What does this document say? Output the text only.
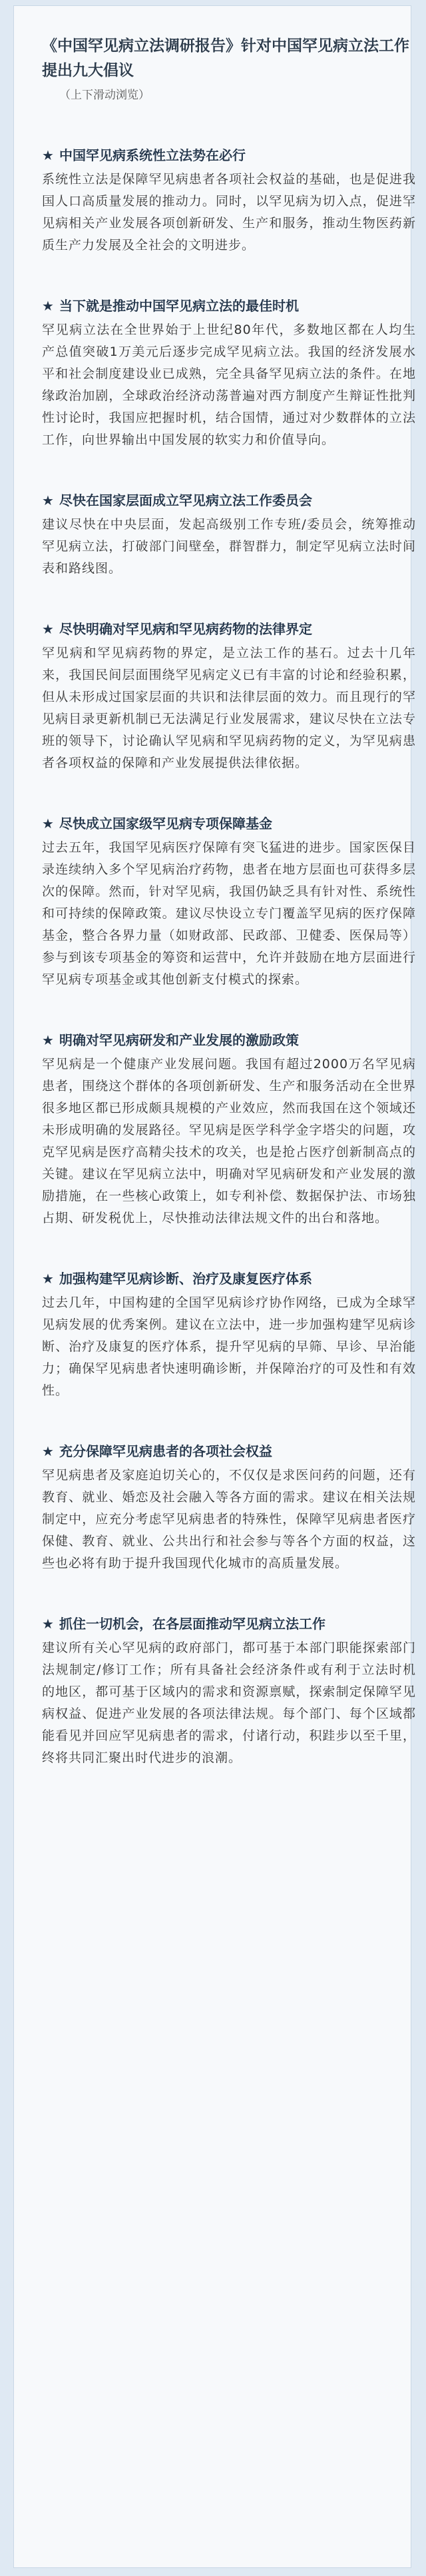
《中国罕见病立法调研报告》针对中国罕见病立法工作提出九大倡议
（上下滑动浏览）
★ 中国罕见病系统性立法势在必行
系统性立法是保障罕见病患者各项社会权益的基础，也是促进我国人口高质量发展的推动力。同时，以罕见病为切入点，促进罕见病相关产业发展各项创新研发、生产和服务，推动生物医药新质生产力发展及全社会的文明进步。
★ 当下就是推动中国罕见病立法的最佳时机
罕见病立法在全世界始于上世纪80年代，多数地区都在人均生产总值突破1万美元后逐步完成罕见病立法。我国的经济发展水平和社会制度建设业已成熟，完全具备罕见病立法的条件。在地缘政治加剧，全球政治经济动荡普遍对西方制度产生辩证性批判性讨论时，我国应把握时机，结合国情，通过对少数群体的立法工作，向世界输出中国发展的软实力和价值导向。
★ 尽快在国家层面成立罕见病立法工作委员会
建议尽快在中央层面，发起高级别工作专班/委员会，统筹推动罕见病立法，打破部门间壁垒，群智群力，制定罕见病立法时间表和路线图。
★ 尽快明确对罕见病和罕见病药物的法律界定
罕见病和罕见病药物的界定，是立法工作的基石。过去十几年来，我国民间层面围绕罕见病定义已有丰富的讨论和经验积累，但从未形成过国家层面的共识和法律层面的效力。而且现行的罕见病目录更新机制已无法满足行业发展需求，建议尽快在立法专班的领导下，讨论确认罕见病和罕见病药物的定义，为罕见病患者各项权益的保障和产业发展提供法律依据。
★ 尽快成立国家级罕见病专项保障基金
过去五年，我国罕见病医疗保障有突飞猛进的进步。国家医保目录连续纳入多个罕见病治疗药物，患者在地方层面也可获得多层次的保障。然而，针对罕见病，我国仍缺乏具有针对性、系统性和可持续的保障政策。建议尽快设立专门覆盖罕见病的医疗保障基金，整合各界力量（如财政部、民政部、卫健委、医保局等）参与到该专项基金的筹资和运营中，允许并鼓励在地方层面进行罕见病专项基金或其他创新支付模式的探索。
★ 明确对罕见病研发和产业发展的激励政策
罕见病是一个健康产业发展问题。我国有超过2000万名罕见病患者，围绕这个群体的各项创新研发、生产和服务活动在全世界很多地区都已形成颇具规模的产业效应，然而我国在这个领域还未形成明确的发展路径。罕见病是医学科学金字塔尖的问题，攻克罕见病是医疗高精尖技术的攻关，也是抢占医疗创新制高点的关键。建议在罕见病立法中，明确对罕见病研发和产业发展的激励措施，在一些核心政策上，如专利补偿、数据保护法、市场独占期、研发税优上，尽快推动法律法规文件的出台和落地。
★ 加强构建罕见病诊断、治疗及康复医疗体系
过去几年，中国构建的全国罕见病诊疗协作网络，已成为全球罕见病发展的优秀案例。建议在立法中，进一步加强构建罕见病诊断、治疗及康复的医疗体系，提升罕见病的早筛、早诊、早治能力；确保罕见病患者快速明确诊断，并保障治疗的可及性和有效性。
★ 充分保障罕见病患者的各项社会权益
罕见病患者及家庭迫切关心的，不仅仅是求医问药的问题，还有教育、就业、婚恋及社会融入等各方面的需求。建议在相关法规制定中，应充分考虑罕见病患者的特殊性，保障罕见病患者医疗保健、教育、就业、公共出行和社会参与等各个方面的权益，这些也必将有助于提升我国现代化城市的高质量发展。
★ 抓住一切机会，在各层面推动罕见病立法工作
建议所有关心罕见病的政府部门，都可基于本部门职能探索部门法规制定/修订工作；所有具备社会经济条件或有利于立法时机的地区，都可基于区域内的需求和资源禀赋，探索制定保障罕见病权益、促进产业发展的各项法律法规。每个部门、每个区域都能看见并回应罕见病患者的需求，付诸行动，积跬步以至千里，终将共同汇聚出时代进步的浪潮。
